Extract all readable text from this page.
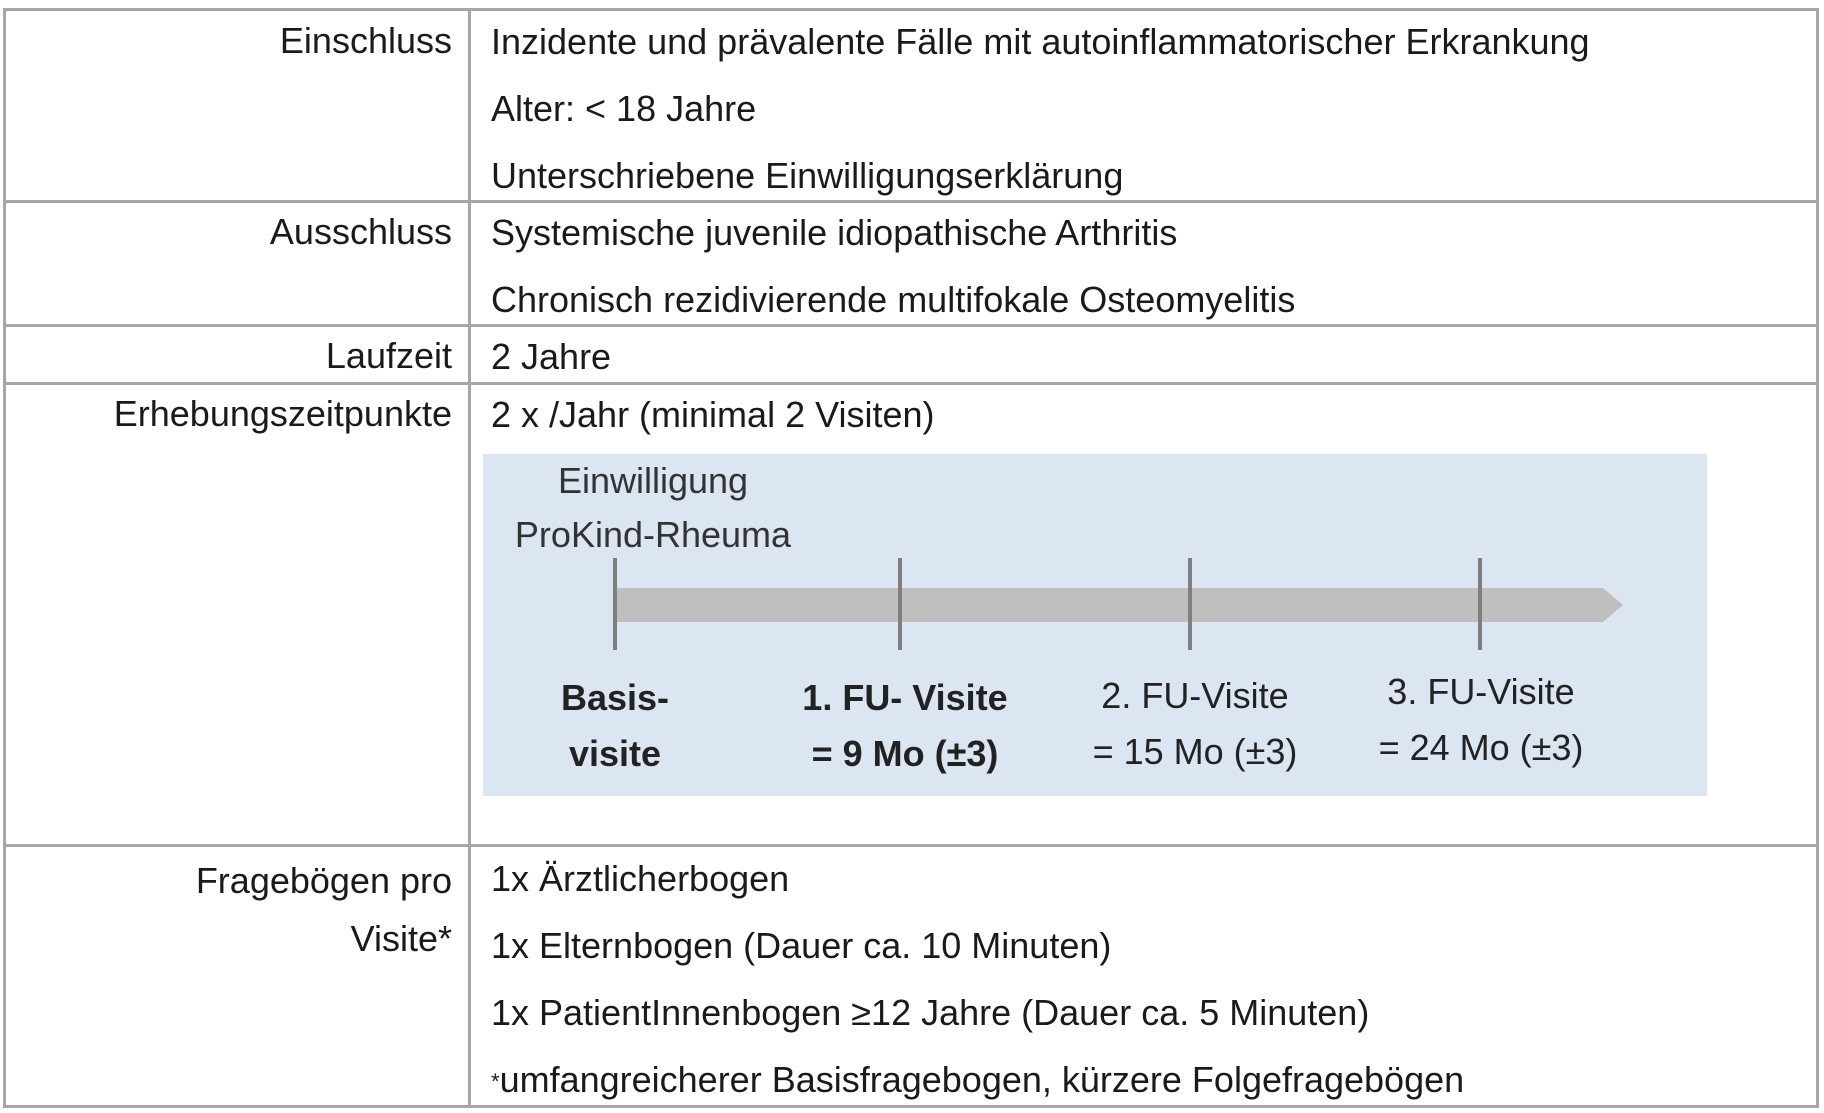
Einschluss Inzidente und prävalente Fälle mit autoinflammatorischer Erkrankung
Alter: < 18 Jahre
Unterschriebene Einwilligungserklärung
Ausschluss Systemische juvenile idiopathische Arthritis
Chronisch rezidivierende multifokale Osteomyelitis
Laufzeit 2 Jahre
Erhebungszeitpunkte 2 x /Jahr (minimal 2 Visiten)
Einwilligung
ProKind-Rheuma
Basis-
visite
1. FU- Visite
= 9 Mo (±3)
2. FU-Visite
= 15 Mo (±3)
3. FU-Visite
= 24 Mo (±3)
Fragebögen pro
Visite*
1x Ärztlicherbogen
1x Elternbogen (Dauer ca. 10 Minuten)
1x PatientInnenbogen ≥12 Jahre (Dauer ca. 5 Minuten)
*umfangreicherer Basisfragebogen, kürzere Folgefragebögen
